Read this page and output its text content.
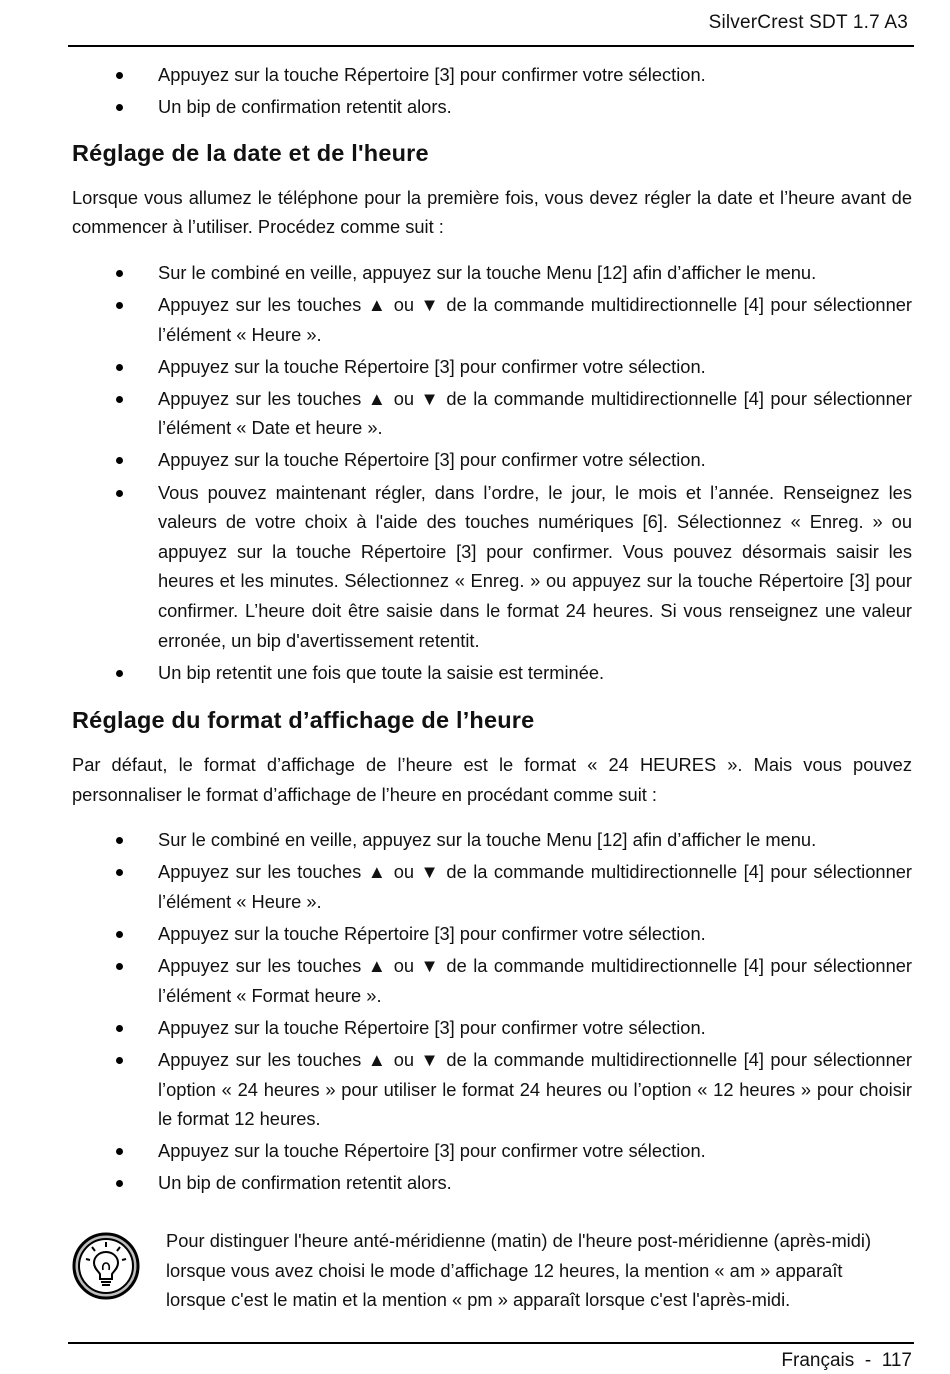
SilverCrest SDT 1.7 A3
Appuyez sur la touche Répertoire [3] pour confirmer votre sélection.
Un bip de confirmation retentit alors.
Réglage de la date et de l'heure

Lorsque vous allumez le téléphone pour la première fois, vous devez régler la date et l’heure avant de commencer à l’utiliser. Procédez comme suit :

Sur le combiné en veille, appuyez sur la touche Menu [12] afin d’afficher le menu.
Appuyez sur les touches ▲ ou ▼ de la commande multidirectionnelle [4] pour sélectionner l’élément « Heure ».
Appuyez sur la touche Répertoire [3] pour confirmer votre sélection.
Appuyez sur les touches ▲ ou ▼ de la commande multidirectionnelle [4] pour sélectionner l’élément « Date et heure ».
Appuyez sur la touche Répertoire [3] pour confirmer votre sélection.
Vous pouvez maintenant régler, dans l’ordre, le jour, le mois et l’année. Renseignez les valeurs de votre choix à l'aide des touches numériques [6]. Sélectionnez « Enreg. » ou appuyez sur la touche Répertoire [3] pour confirmer. Vous pouvez désormais saisir les heures et les minutes. Sélectionnez « Enreg. » ou appuyez sur la touche Répertoire [3] pour confirmer. L’heure doit être saisie dans le format 24 heures. Si vous renseignez une valeur erronée, un bip d'avertissement retentit.
Un bip retentit une fois que toute la saisie est terminée.
Réglage du format d’affichage de l’heure

Par défaut, le format d’affichage de l’heure est le format « 24 HEURES ». Mais vous pouvez personnaliser le format d’affichage de l’heure en procédant comme suit :

Sur le combiné en veille, appuyez sur la touche Menu [12] afin d’afficher le menu.
Appuyez sur les touches ▲ ou ▼ de la commande multidirectionnelle [4] pour sélectionner l’élément « Heure ».
Appuyez sur la touche Répertoire [3] pour confirmer votre sélection.
Appuyez sur les touches ▲ ou ▼ de la commande multidirectionnelle [4] pour sélectionner l’élément « Format heure ».
Appuyez sur la touche Répertoire [3] pour confirmer votre sélection.
Appuyez sur les touches ▲ ou ▼ de la commande multidirectionnelle [4] pour sélectionner l’option « 24 heures » pour utiliser le format 24 heures ou l’option « 12 heures » pour choisir le format 12 heures.
Appuyez sur la touche Répertoire [3] pour confirmer votre sélection.
Un bip de confirmation retentit alors.
Pour distinguer l'heure anté-méridienne (matin) de l'heure post-méridienne (après-midi) lorsque vous avez choisi le mode d’affichage 12 heures, la mention « am » apparaît lorsque c'est le matin et la mention « pm » apparaît lorsque c'est l'après-midi.
Français  -  117
